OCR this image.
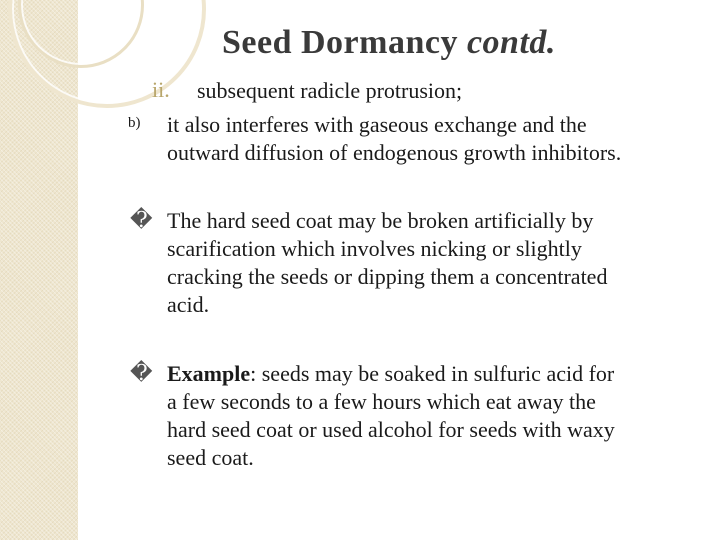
Seed Dormancy contd.
ii. subsequent radicle protrusion;
b) it also interferes with gaseous exchange and the
outward diffusion of endogenous growth inhibitors.
� The hard seed coat may be broken artificially by
scarification which involves nicking or slightly
cracking the seeds or dipping them a concentrated
acid.
� Example: seeds may be soaked in sulfuric acid for
a few seconds to a few hours which eat away the
hard seed coat or used alcohol for seeds with waxy
seed coat.
